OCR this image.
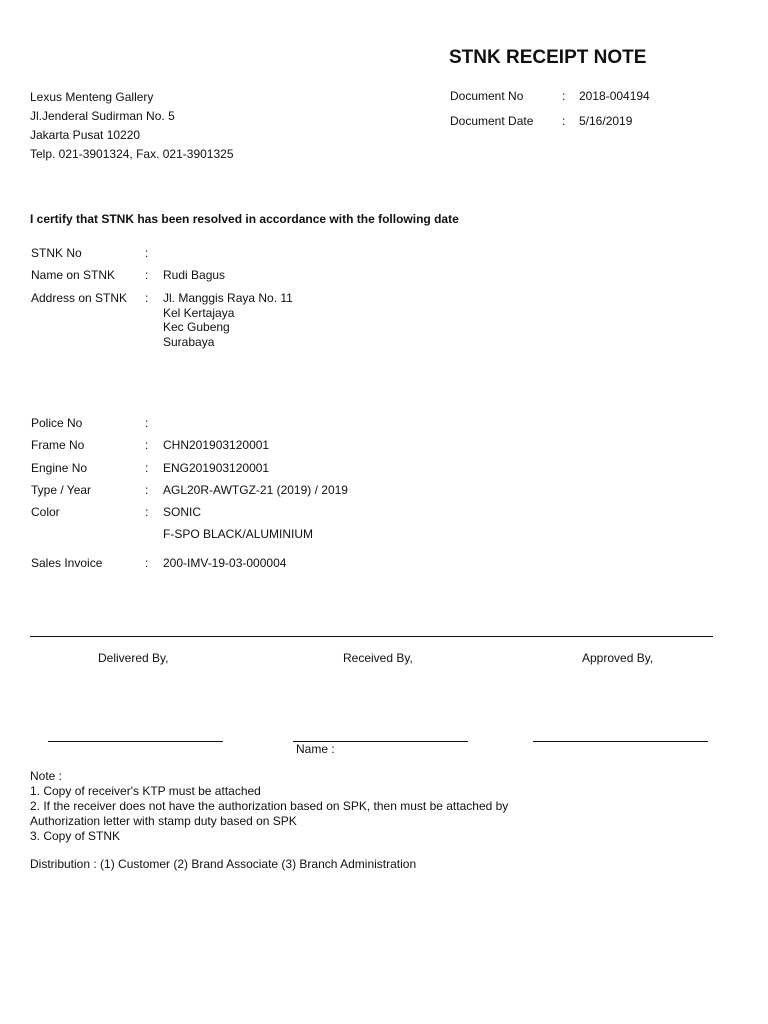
STNK RECEIPT NOTE
Lexus Menteng Gallery
Jl.Jenderal Sudirman No. 5
Jakarta Pusat 10220
Telp. 021-3901324, Fax. 021-3901325
Document No	: 2018-004194
Document Date : 5/16/2019
I certify that STNK has been resolved in accordance with the following date
STNK No	:
Name on STNK : Rudi Bagus
Address on STNK : Jl. Manggis Raya No. 11
Kel Kertajaya
Kec Gubeng
Surabaya
Police No	:
Frame No	: CHN201903120001
Engine No	: ENG201903120001
Type / Year	: AGL20R-AWTGZ-21 (2019) / 2019
Color	: SONIC
F-SPO BLACK/ALUMINIUM
Sales Invoice	: 200-IMV-19-03-000004
Delivered By,	Received By,	Approved By,
Name :
Note :
1. Copy of receiver's KTP must be attached
2. If the receiver does not have the authorization based on SPK, then must be attached by
Authorization letter with stamp duty based on SPK
3. Copy of STNK
Distribution : (1) Customer (2) Brand Associate (3) Branch Administration
